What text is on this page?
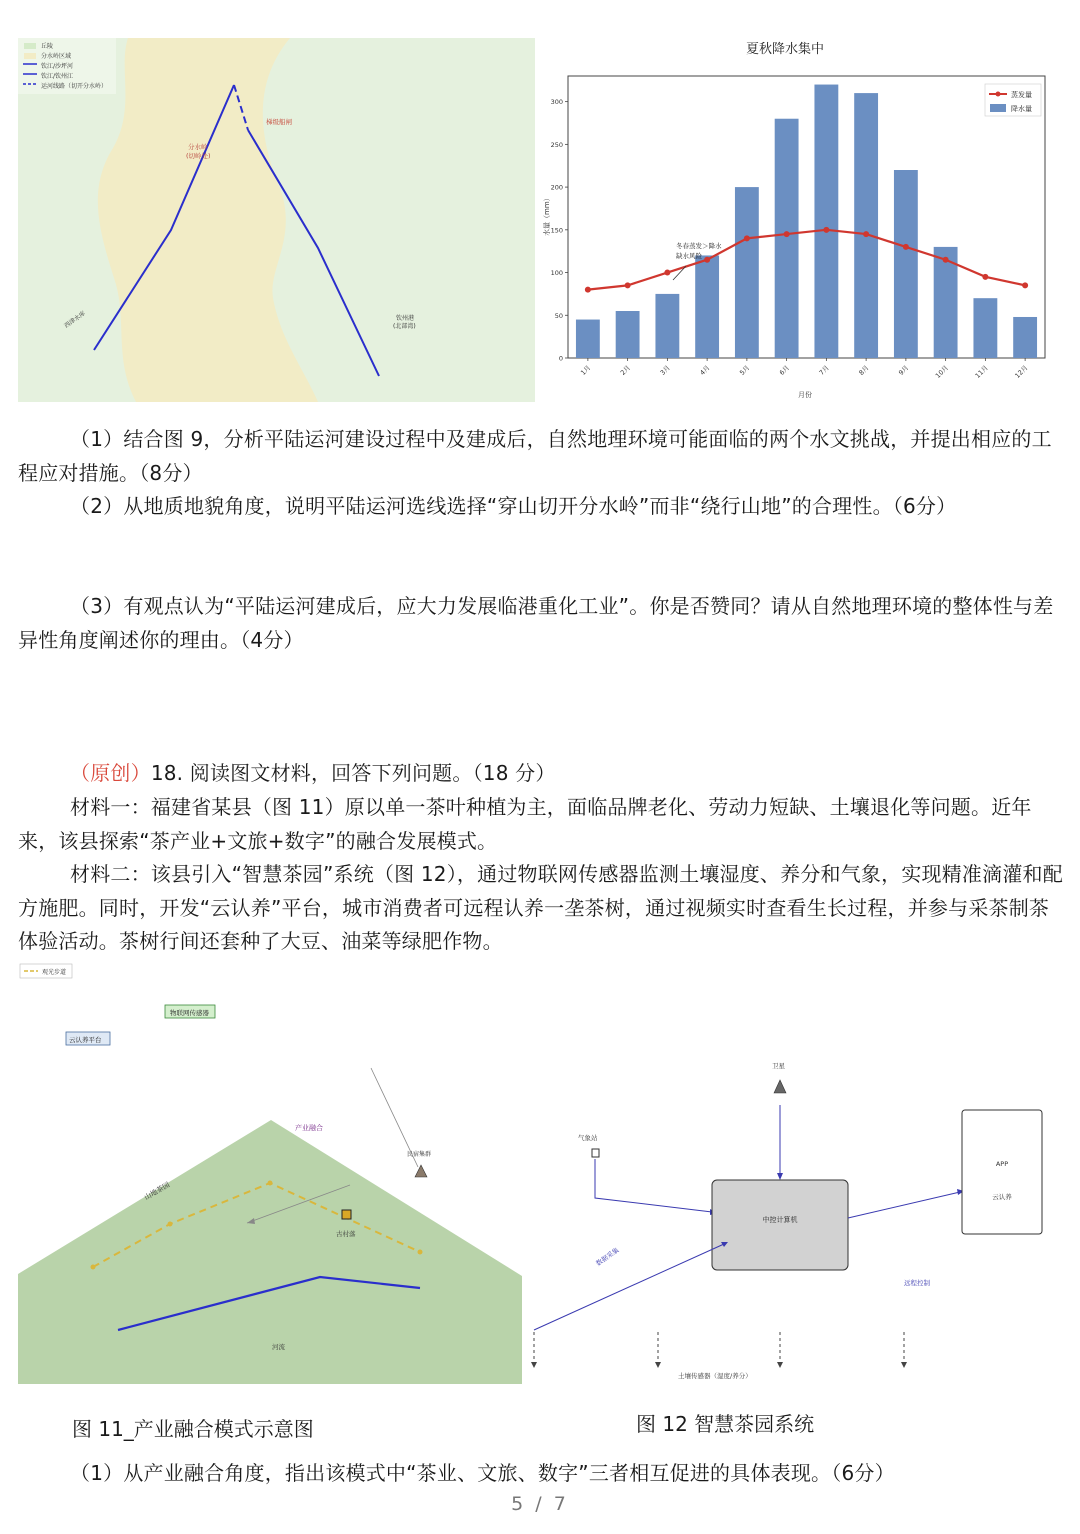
丘陵
分水岭区域
钦江/沙坪河
钦江/钦州江
运河线路（切开分水岭）
分水岭
(切岭处)
梯级船闸
西津水库	钦州港
(北部湾)
夏秋降水集中
0
50
100
150
200
250
300
1月	2月	3月	4月	5月	6月	7月	8月	9月	10月	11月	12月
水量（mm）
月份
冬春蒸发＞降水
缺水风险
蒸发量
降水量
（1）结合图 9，分析平陆运河建设过程中及建成后，自然地理环境可能面临的两个水文挑战，并提出相应的工程应对措施。（8分）
（2）从地质地貌角度，说明平陆运河选线选择“穿山切开分水岭”而非“绕行山地”的合理性。（6分）
（3）有观点认为“平陆运河建成后，应大力发展临港重化工业”。你是否赞同？请从自然地理环境的整体性与差异性角度阐述你的理由。（4分）
（原创）18. 阅读图文材料，回答下列问题。（18 分）
材料一：福建省某县（图 11）原以单一茶叶种植为主，面临品牌老化、劳动力短缺、土壤退化等问题。近年来，该县探索“茶产业+文旅+数字”的融合发展模式。
材料二：该县引入“智慧茶园”系统（图 12），通过物联网传感器监测土壤湿度、养分和气象，实现精准滴灌和配方施肥。同时，开发“云认养”平台，城市消费者可远程认养一垄茶树，通过视频实时查看生长过程，并参与采茶制茶体验活动。茶树行间还套种了大豆、油菜等绿肥作物。
观光步道
物联网传感器
云认养平台
产业融合
山地茶园
河流
古村落
民宿集群
图 11_产业融合模式示意图
卫星
气象站
中控计算机
APP
云认养
数据采集
远程控制
土壤传感器（湿度/养分）
图 12 智慧茶园系统
（1）从产业融合角度，指出该模式中“茶业、文旅、数字”三者相互促进的具体表现。（6分）
5 / 7
